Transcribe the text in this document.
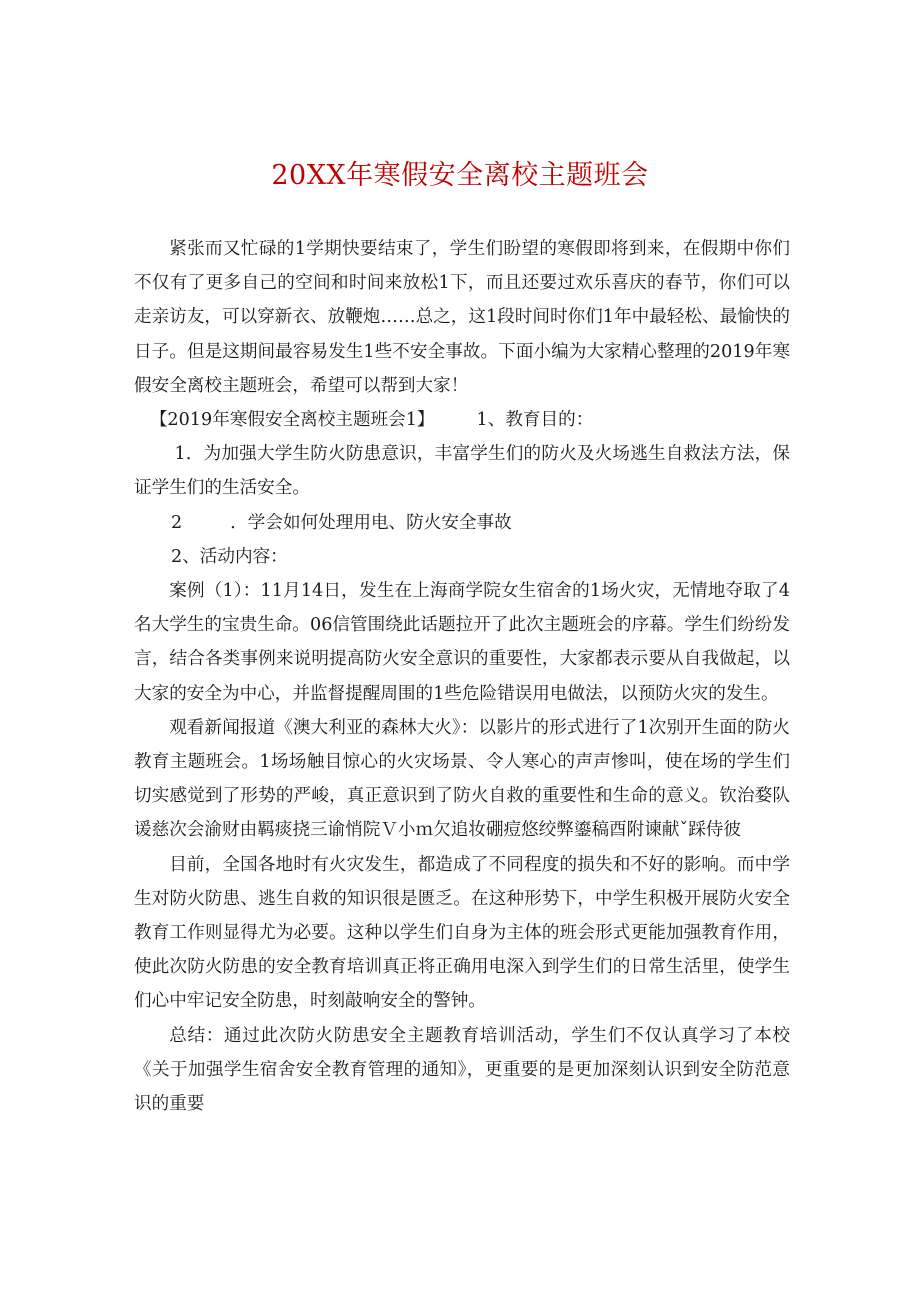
20XX年寒假安全离校主题班会

紧张而又忙碌的1学期快要结束了，学生们盼望的寒假即将到来，在假期中你们不仅有了更多自己的空间和时间来放松1下，而且还要过欢乐喜庆的春节，你们可以走亲访友，可以穿新衣、放鞭炮……总之，这1段时间时你们1年中最轻松、最愉快的日子。但是这期间最容易发生1些不安全事故。下面小编为大家精心整理的2019年寒假安全离校主题班会，希望可以帮到大家！

【2019年寒假安全离校主题班会1】 1、教育目的：

1．为加强大学生防火防患意识，丰富学生们的防火及火场逃生自救法方法，保证学生们的生活安全。

2	．学会如何处理用电、防火安全事故

2、活动内容：

案例（1）：11月14日，发生在上海商学院女生宿舍的1场火灾，无情地夺取了4名大学生的宝贵生命。06信管围绕此话题拉开了此次主题班会的序幕。学生们纷纷发言，结合各类事例来说明提高防火安全意识的重要性，大家都表示要从自我做起，以大家的安全为中心，并监督提醒周围的1些危险错误用电做法，以预防火灾的发生。

观看新闻报道《澳大利亚的森林大火》：以影片的形式进行了1次别开生面的防火教育主题班会。1场场触目惊心的火灾场景、令人寒心的声声惨叫，使在场的学生们切实感觉到了形势的严峻，真正意识到了防火自救的重要性和生命的意义。钦治婺队谖慈次会渝财由羁痰挠三谕悄院Ｖ小ｍ欠追妆硼痘悠绞弊鎏稿酉附谏献ˇ踩侍彼

目前，全国各地时有火灾发生，都造成了不同程度的损失和不好的影响。而中学生对防火防患、逃生自救的知识很是匮乏。在这种形势下，中学生积极开展防火安全教育工作则显得尤为必要。这种以学生们自身为主体的班会形式更能加强教育作用，使此次防火防患的安全教育培训真正将正确用电深入到学生们的日常生活里，使学生们心中牢记安全防患，时刻敲响安全的警钟。

总结：通过此次防火防患安全主题教育培训活动，学生们不仅认真学习了本校《关于加强学生宿舍安全教育管理的通知》，更重要的是更加深刻认识到安全防范意识的重要
